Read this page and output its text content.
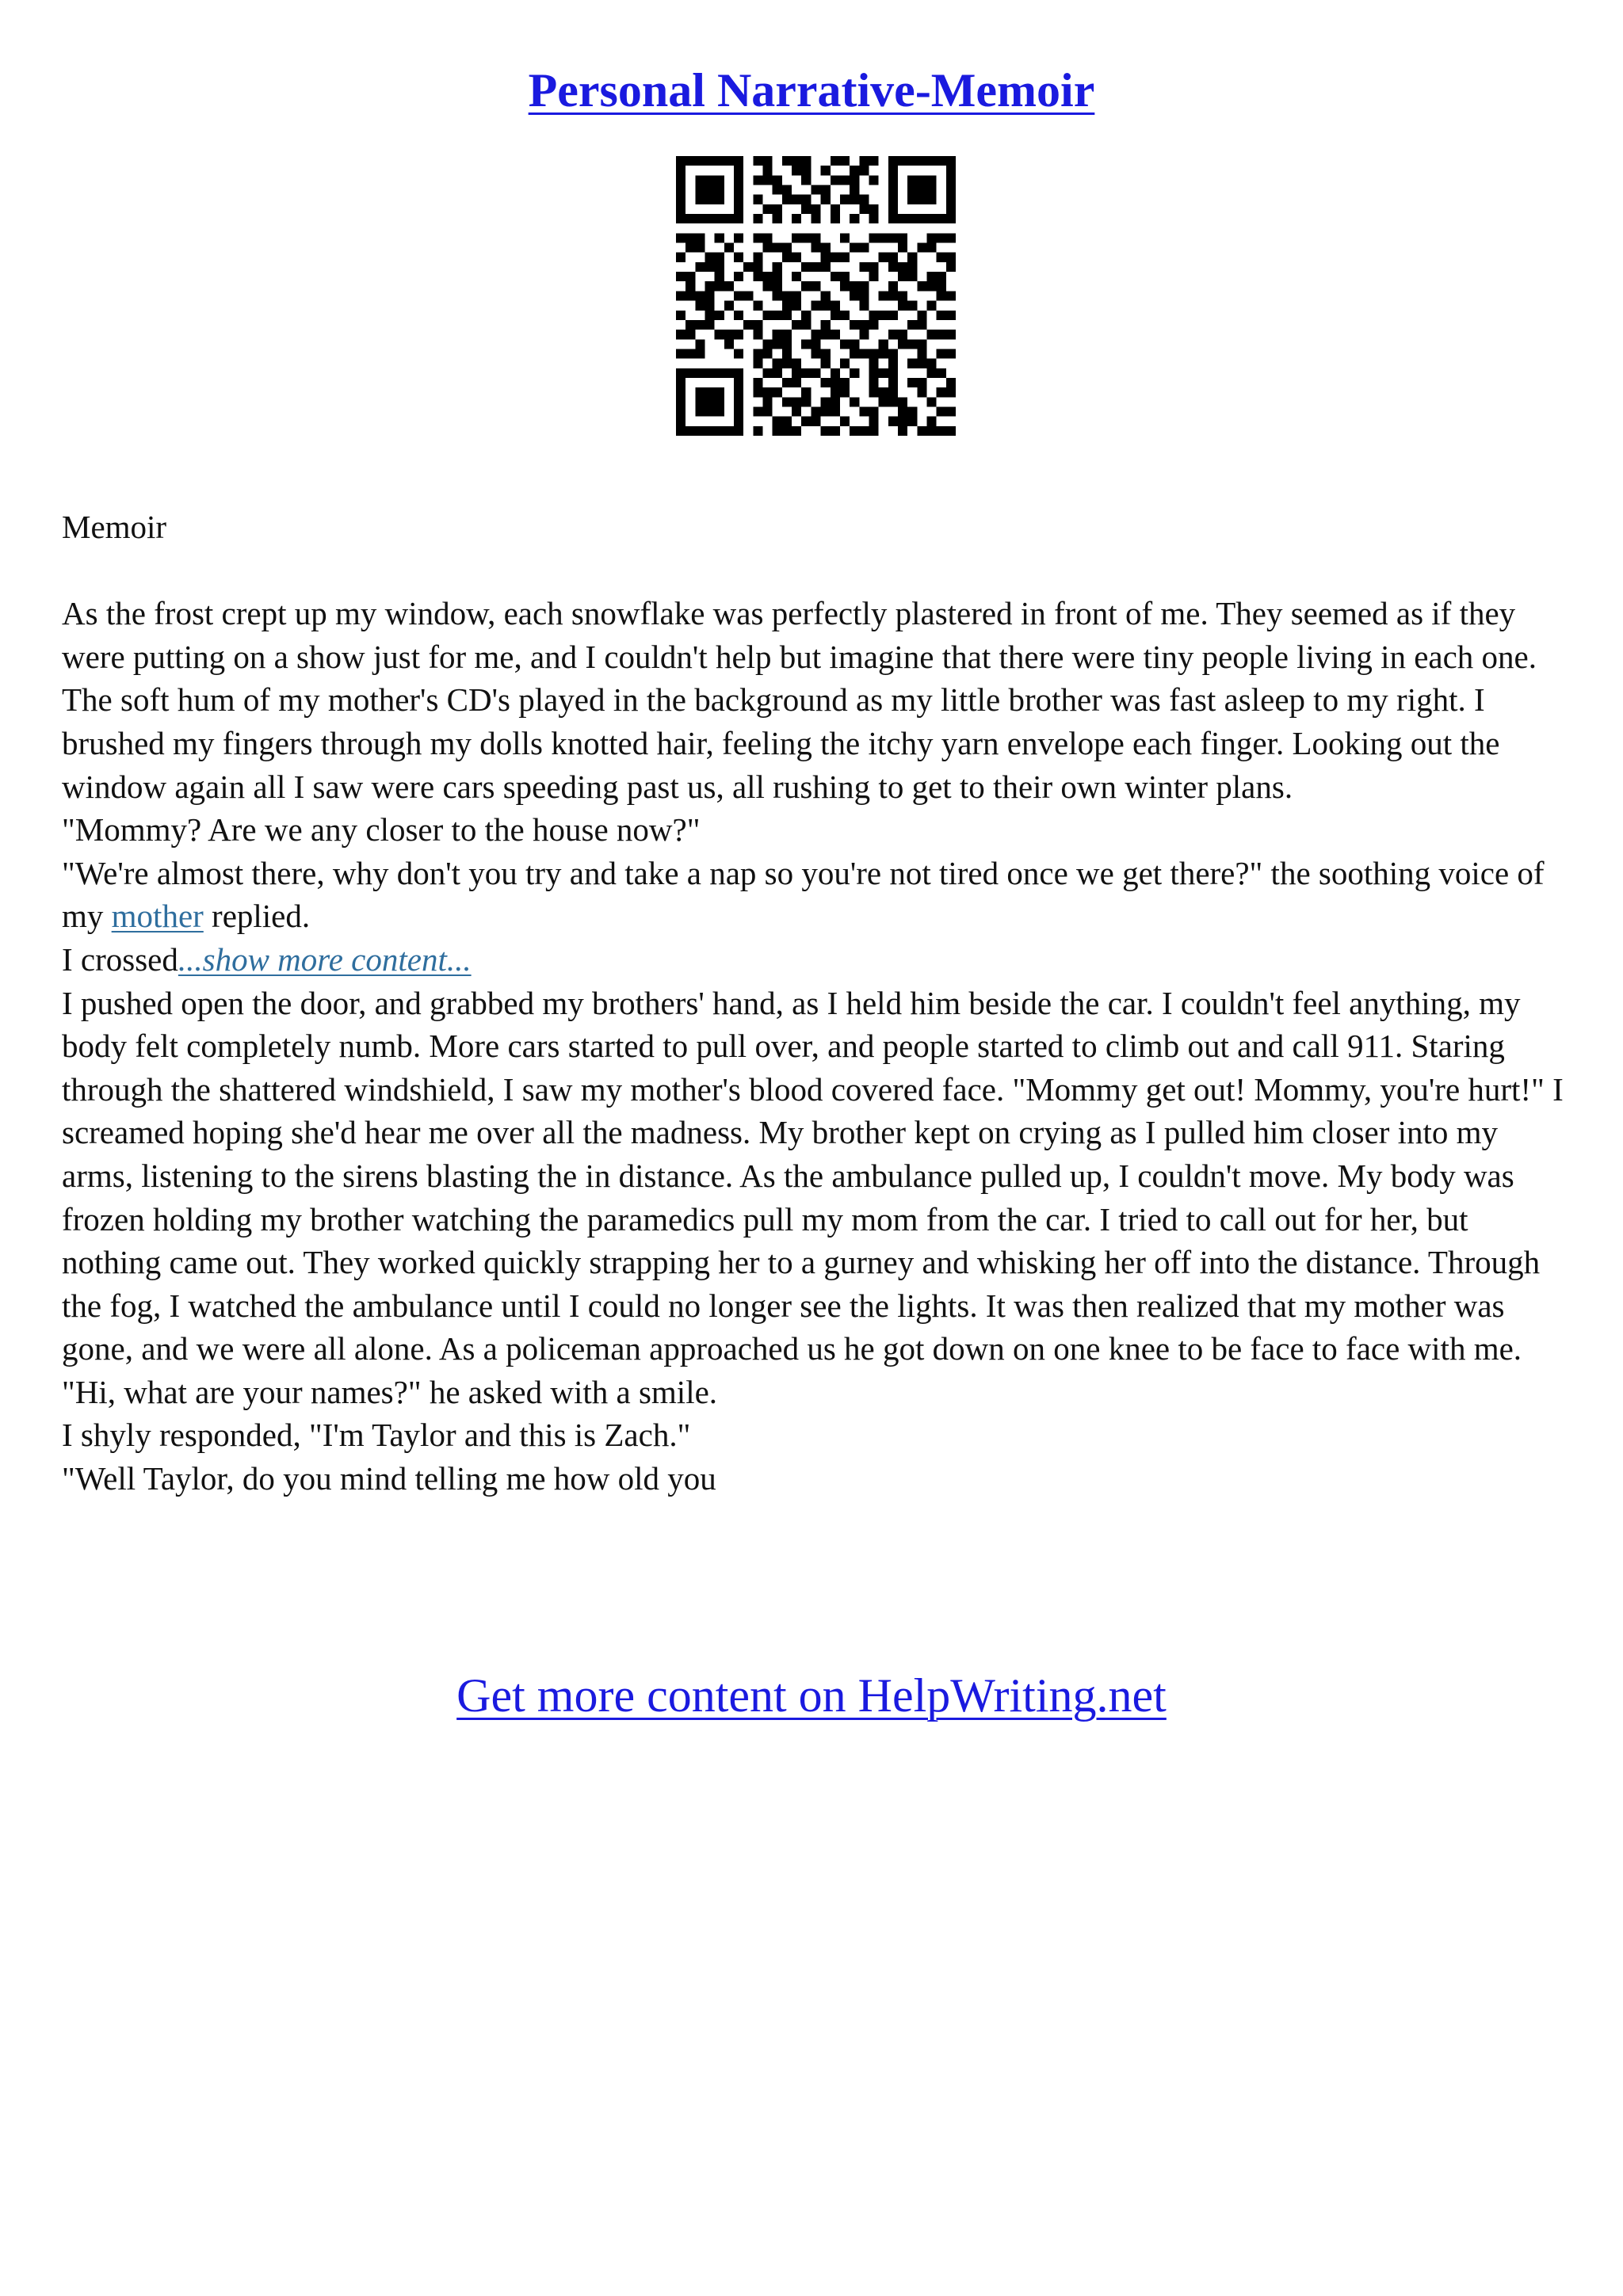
Personal Narrative-Memoir

Memoir

As the frost crept up my window, each snowflake was perfectly plastered in front of me. They seemed as if they were putting on a show just for me, and I couldn't help but imagine that there were tiny people living in each one. The soft hum of my mother's CD's played in the background as my little brother was fast asleep to my right. I brushed my fingers through my dolls knotted hair, feeling the itchy yarn envelope each finger. Looking out the window again all I saw were cars speeding past us, all rushing to get to their own winter plans.

"Mommy? Are we any closer to the house now?"

"We're almost there, why don't you try and take a nap so you're not tired once we get there?" the soothing voice of my mother replied.

I crossed...show more content...

I pushed open the door, and grabbed my brothers' hand, as I held him beside the car. I couldn't feel anything, my body felt completely numb. More cars started to pull over, and people started to climb out and call 911. Staring through the shattered windshield, I saw my mother's blood covered face. "Mommy get out! Mommy, you're hurt!" I screamed hoping she'd hear me over all the madness. My brother kept on crying as I pulled him closer into my arms, listening to the sirens blasting the in distance. As the ambulance pulled up, I couldn't move. My body was frozen holding my brother watching the paramedics pull my mom from the car. I tried to call out for her, but nothing came out. They worked quickly strapping her to a gurney and whisking her off into the distance. Through the fog, I watched the ambulance until I could no longer see the lights. It was then realized that my mother was gone, and we were all alone. As a policeman approached us he got down on one knee to be face to face with me.

"Hi, what are your names?" he asked with a smile.

I shyly responded, "I'm Taylor and this is Zach."

"Well Taylor, do you mind telling me how old you

Get more content on HelpWriting.net
